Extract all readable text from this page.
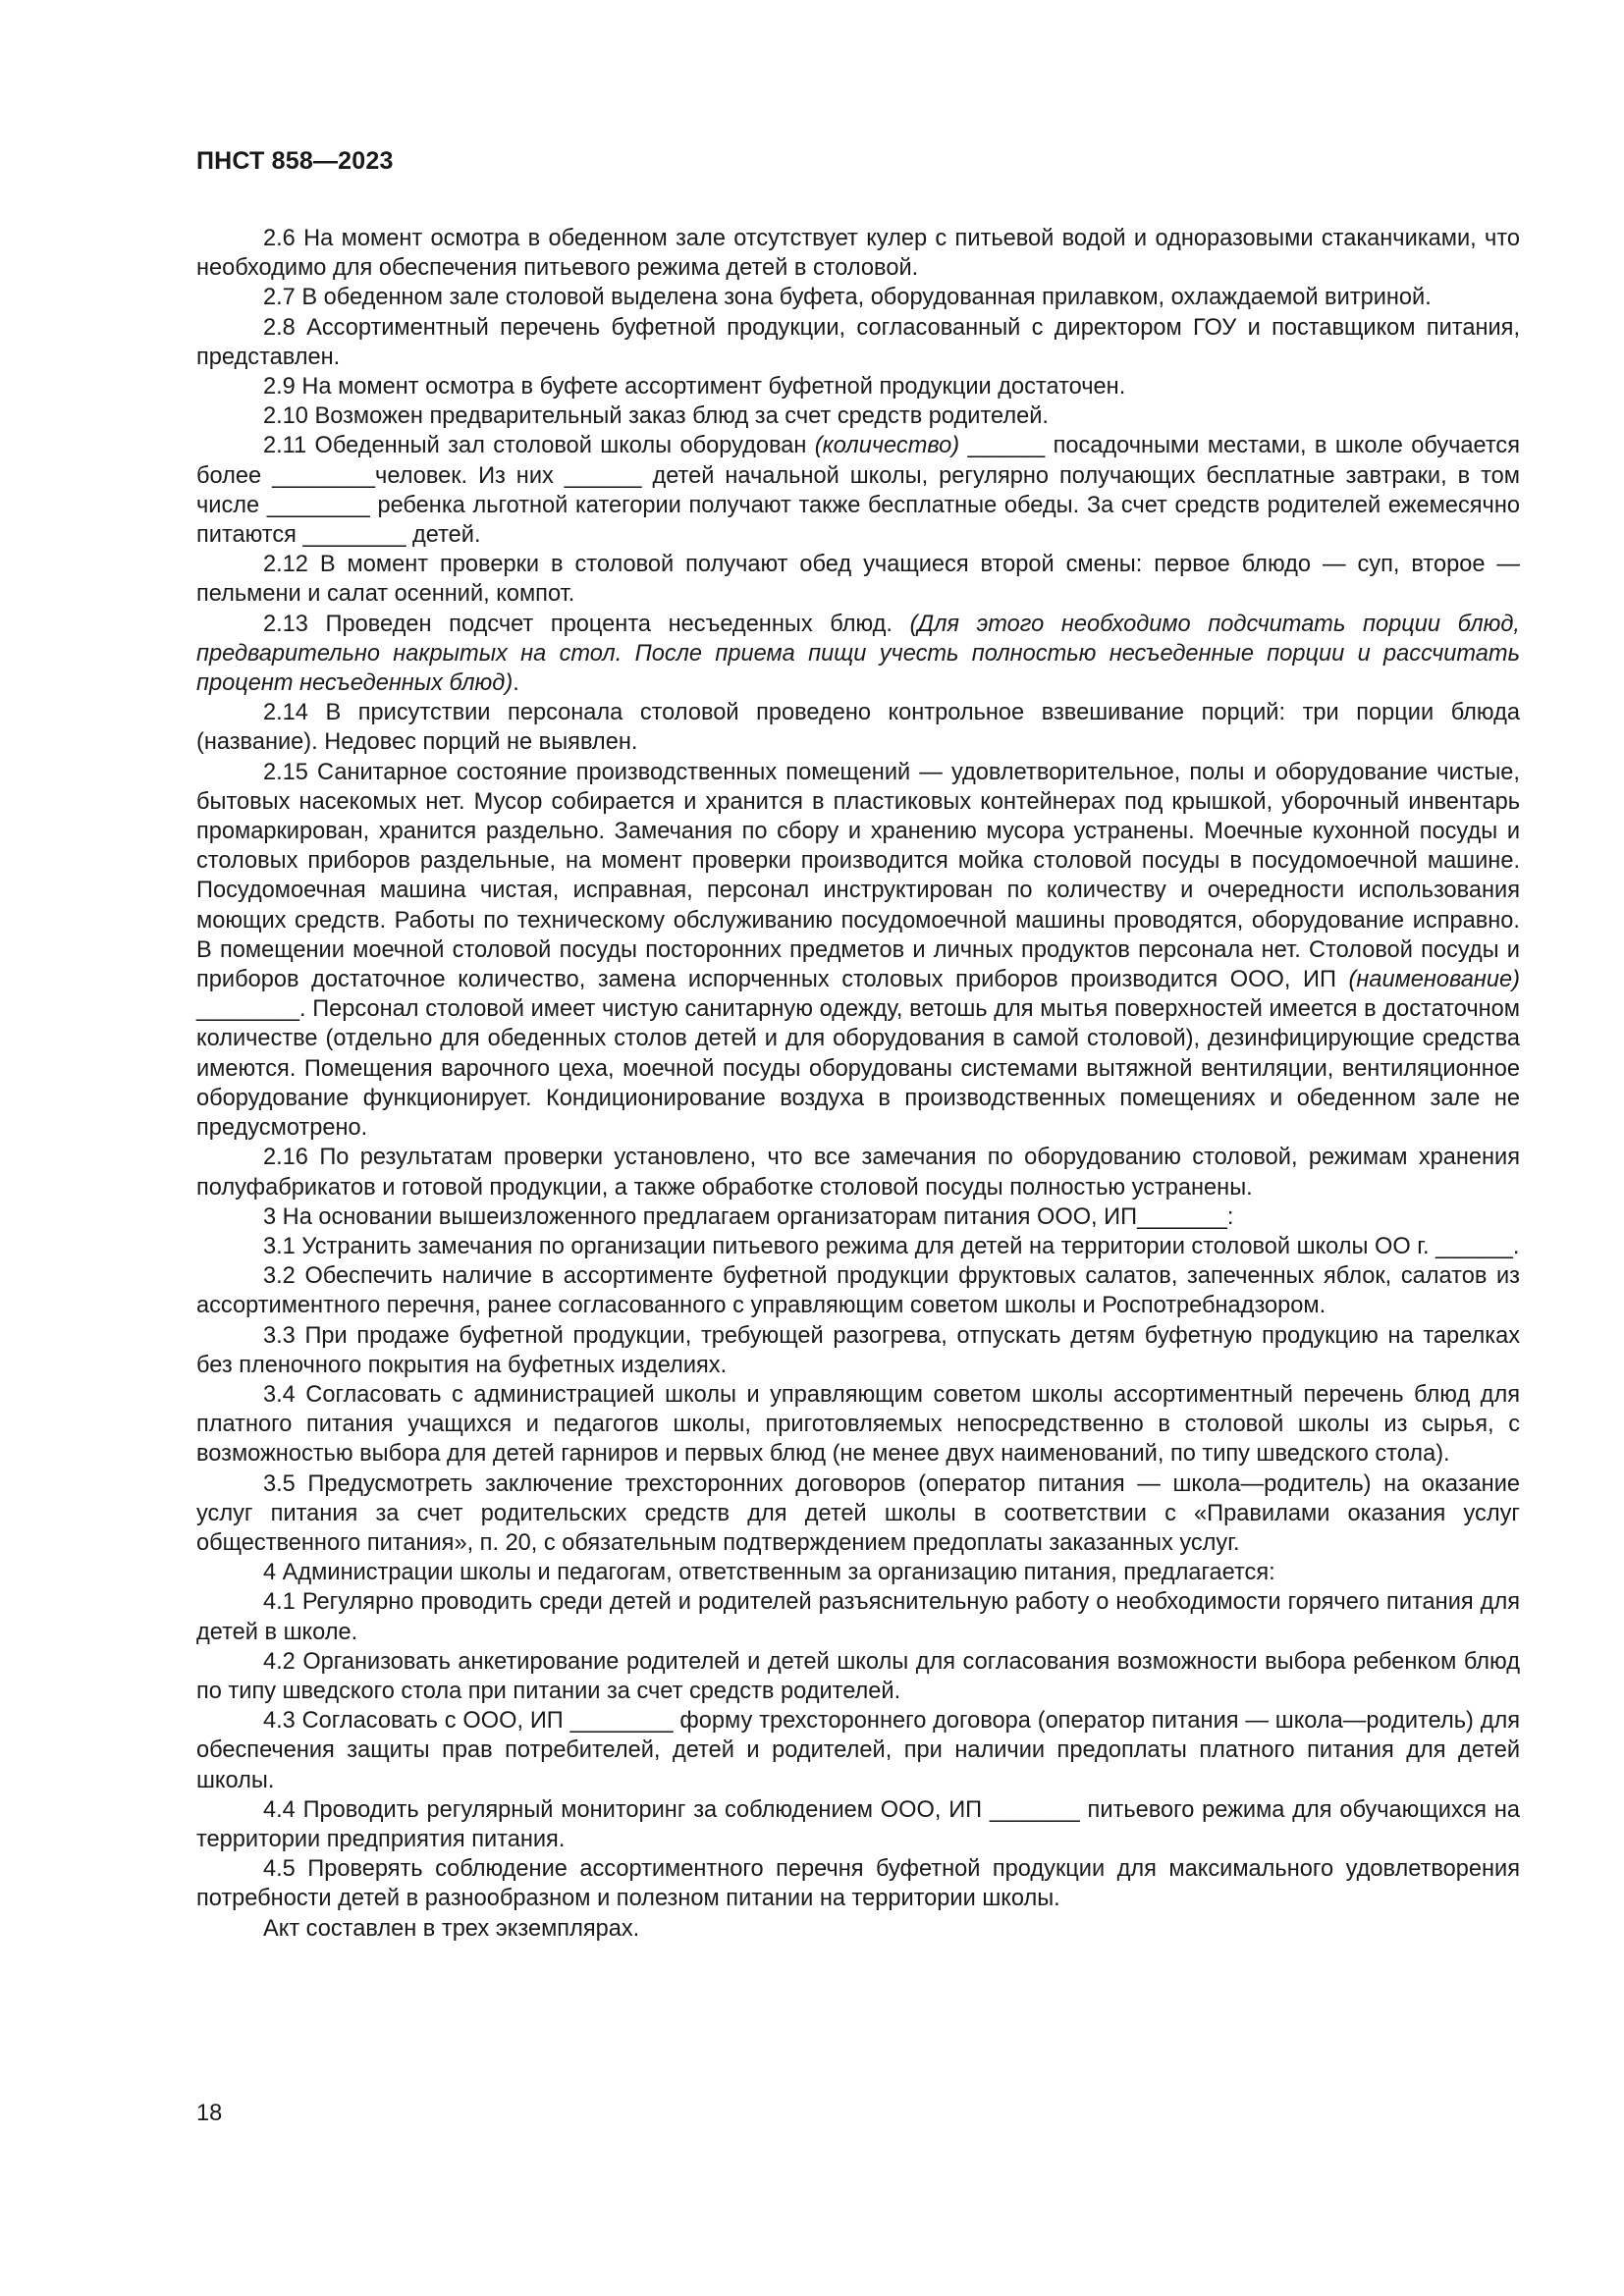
ПНСТ 858—2023

2.6 На момент осмотра в обеденном зале отсутствует кулер с питьевой водой и одноразовыми стаканчиками, что необходимо для обеспечения питьевого режима детей в столовой.

2.7 В обеденном зале столовой выделена зона буфета, оборудованная прилавком, охлаждаемой витриной.

2.8 Ассортиментный перечень буфетной продукции, согласованный с директором ГОУ и поставщиком питания, представлен.

2.9 На момент осмотра в буфете ассортимент буфетной продукции достаточен.

2.10 Возможен предварительный заказ блюд за счет средств родителей.

2.11 Обеденный зал столовой школы оборудован (количество) ______ посадочными местами, в школе обучается более ________человек. Из них ______ детей начальной школы, регулярно получающих бесплатные завтраки, в том числе ________ ребенка льготной категории получают также бесплатные обеды. За счет средств родителей ежемесячно питаются ________ детей.

2.12 В момент проверки в столовой получают обед учащиеся второй смены: первое блюдо — суп, второе — пельмени и салат осенний, компот.

2.13 Проведен подсчет процента несъеденных блюд. (Для этого необходимо подсчитать порции блюд, предварительно накрытых на стол. После приема пищи учесть полностью несъеденные порции и рассчитать процент несъеденных блюд).

2.14 В присутствии персонала столовой проведено контрольное взвешивание порций: три порции блюда (название). Недовес порций не выявлен.

2.15 Санитарное состояние производственных помещений — удовлетворительное, полы и оборудование чистые, бытовых насекомых нет. Мусор собирается и хранится в пластиковых контейнерах под крышкой, уборочный инвентарь промаркирован, хранится раздельно. Замечания по сбору и хранению мусора устранены. Моечные кухонной посуды и столовых приборов раздельные, на момент проверки производится мойка столовой посуды в посудомоечной машине. Посудомоечная машина чистая, исправная, персонал инструктирован по количеству и очередности использования моющих средств. Работы по техническому обслуживанию посудомоечной машины проводятся, оборудование исправно. В помещении моечной столовой посуды посторонних предметов и личных продуктов персонала нет. Столовой посуды и приборов достаточное количество, замена испорченных столовых приборов производится ООО, ИП (наименование) ________. Персонал столовой имеет чистую санитарную одежду, ветошь для мытья поверхностей имеется в достаточном количестве (отдельно для обеденных столов детей и для оборудования в самой столовой), дезинфицирующие средства имеются. Помещения варочного цеха, моечной посуды оборудованы системами вытяжной вентиляции, вентиляционное оборудование функционирует. Кондиционирование воздуха в производственных помещениях и обеденном зале не предусмотрено.

2.16 По результатам проверки установлено, что все замечания по оборудованию столовой, режимам хранения полуфабрикатов и готовой продукции, а также обработке столовой посуды полностью устранены.

3 На основании вышеизложенного предлагаем организаторам питания ООО, ИП_______:

3.1 Устранить замечания по организации питьевого режима для детей на территории столовой школы ОО г. ______.

3.2 Обеспечить наличие в ассортименте буфетной продукции фруктовых салатов, запеченных яблок, салатов из ассортиментного перечня, ранее согласованного с управляющим советом школы и Роспотребнадзором.

3.3 При продаже буфетной продукции, требующей разогрева, отпускать детям буфетную продукцию на тарелках без пленочного покрытия на буфетных изделиях.

3.4 Согласовать с администрацией школы и управляющим советом школы ассортиментный перечень блюд для платного питания учащихся и педагогов школы, приготовляемых непосредственно в столовой школы из сырья, с возможностью выбора для детей гарниров и первых блюд (не менее двух наименований, по типу шведского стола).

3.5 Предусмотреть заключение трехсторонних договоров (оператор питания — школа—родитель) на оказание услуг питания за счет родительских средств для детей школы в соответствии с «Правилами оказания услуг общественного питания», п. 20, с обязательным подтверждением предоплаты заказанных услуг.

4 Администрации школы и педагогам, ответственным за организацию питания, предлагается:

4.1 Регулярно проводить среди детей и родителей разъяснительную работу о необходимости горячего питания для детей в школе.

4.2 Организовать анкетирование родителей и детей школы для согласования возможности выбора ребенком блюд по типу шведского стола при питании за счет средств родителей.

4.3 Согласовать с ООО, ИП ________ форму трехстороннего договора (оператор питания — школа—родитель) для обеспечения защиты прав потребителей, детей и родителей, при наличии предоплаты платного питания для детей школы.

4.4 Проводить регулярный мониторинг за соблюдением ООО, ИП _______ питьевого режима для обучающихся на территории предприятия питания.

4.5 Проверять соблюдение ассортиментного перечня буфетной продукции для максимального удовлетворения потребности детей в разнообразном и полезном питании на территории школы.

Акт составлен в трех экземплярах.

18
